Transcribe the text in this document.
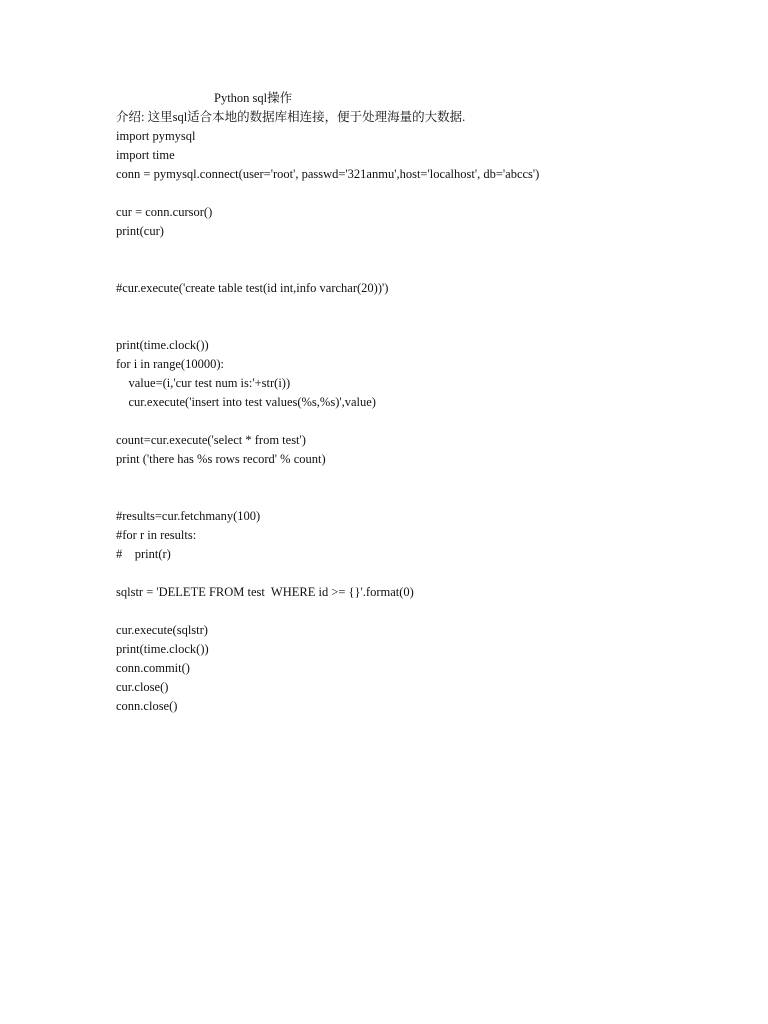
Python sql操作
介绍: 这里sql适合本地的数据库相连接，便于处理海量的大数据.
import pymysql
import time
conn = pymysql.connect(user='root', passwd='321anmu',host='localhost', db='abccs')
cur = conn.cursor()
print(cur)
#cur.execute('create table test(id int,info varchar(20))')
print(time.clock())
for i in range(10000):
value=(i,'cur test num is:'+str(i))
cur.execute('insert into test values(%s,%s)',value)
count=cur.execute('select * from test')
print ('there has %s rows record' % count)
#results=cur.fetchmany(100)
#for r in results:
#    print(r)
sqlstr = 'DELETE FROM test  WHERE id >= {}'.format(0)
cur.execute(sqlstr)
print(time.clock())
conn.commit()
cur.close()
conn.close()
